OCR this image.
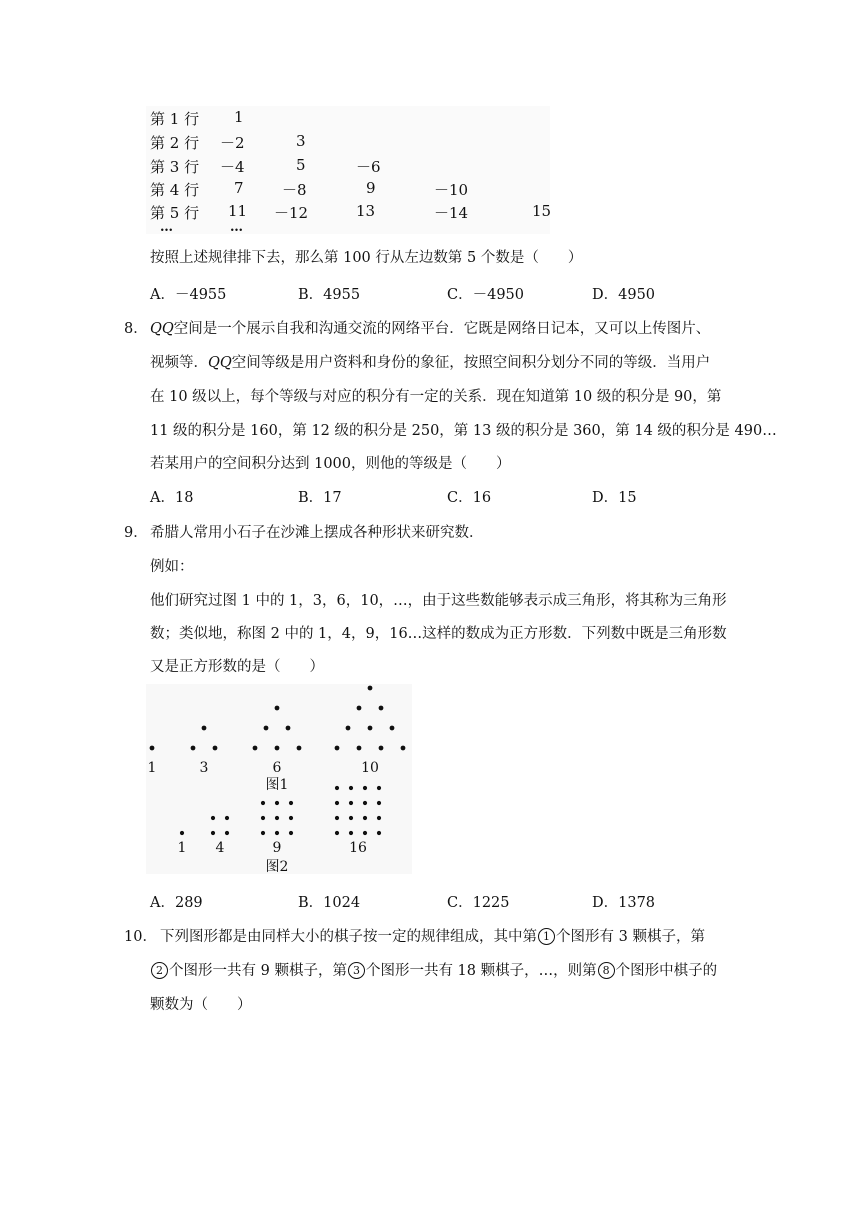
第 1 行 1
第 2 行 －2	3
第 3 行 －4	5	－6
第 4 行 7	－8	9	－10
第 5 行 11 －12	13	－14	15
…	…
按照上述规律排下去，那么第 100 行从左边数第 5 个数是（　　）
A．－4955	B．4955	C．－4950	D．4950
8． QQ空间是一个展示自我和沟通交流的网络平台．它既是网络日记本，又可以上传图片、
视频等．QQ空间等级是用户资料和身份的象征，按照空间积分划分不同的等级．当用户
在 10 级以上，每个等级与对应的积分有一定的关系．现在知道第 10 级的积分是 90，第
11 级的积分是 160，第 12 级的积分是 250，第 13 级的积分是 360，第 14 级的积分是 490…
若某用户的空间积分达到 1000，则他的等级是（　　）
A．18	B．17	C．16	D．15
9． 希腊人常用小石子在沙滩上摆成各种形状来研究数．
例如：
他们研究过图 1 中的 1，3，6，10，…，由于这些数能够表示成三角形，将其称为三角形
数；类似地，称图 2 中的 1，4，9，16…这样的数成为正方形数．下列数中既是三角形数
又是正方形数的是（　　）
1	3	6	10
图1
1 4	9	16
图2
A．289	B．1024	C．1225	D．1378
10． 下列图形都是由同样大小的棋子按一定的规律组成，其中第 1 个图形有 3 颗棋子，第
2 个图形一共有 9 颗棋子，第 3 个图形一共有 18 颗棋子，…，则第 8 个图形中棋子的
颗数为（　　）
